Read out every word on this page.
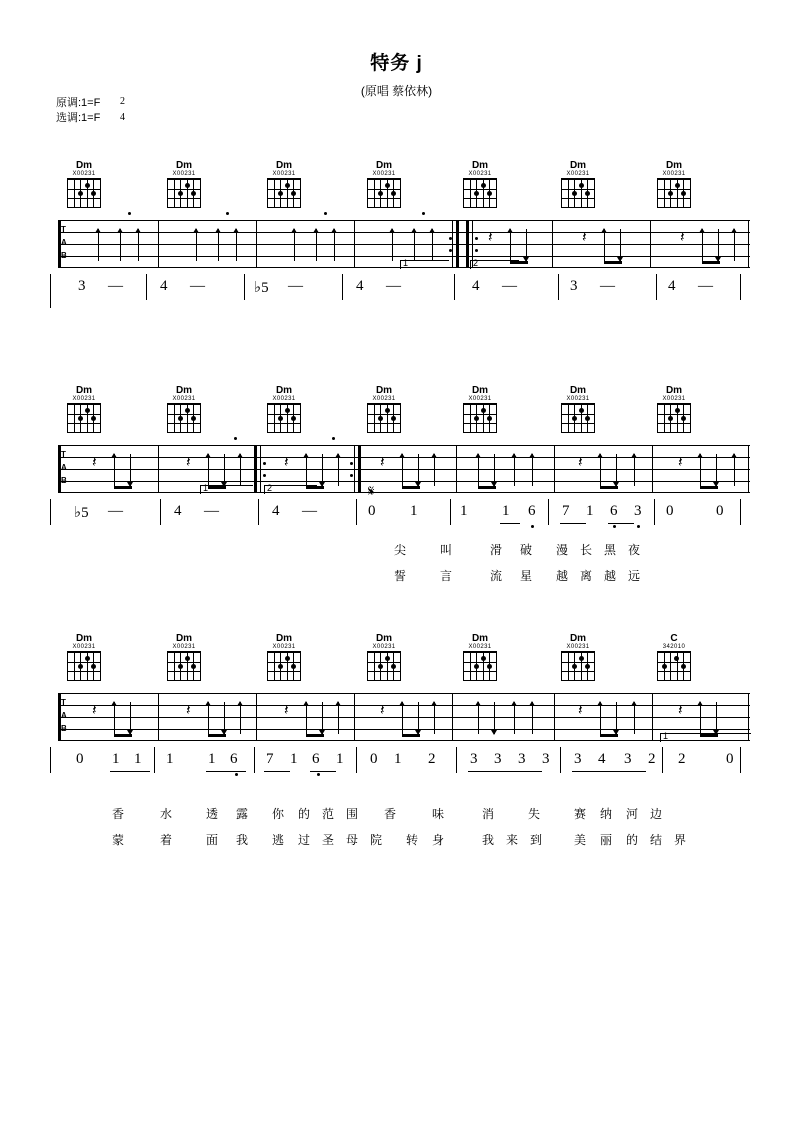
特务 j
(原唱 蔡依林)
原调:1=F
选调:1=F
2
4
Dm
X00231
Dm
X00231
Dm
X00231
Dm
X00231
Dm
X00231
Dm
X00231
Dm
X00231
T
A
B
𝄽	𝄽	𝄽
1	2
3 — 4 —	♭5 —	4 —	4 —	3 —	4 —
Dm
X00231
Dm
X00231
Dm
X00231
Dm
X00231
Dm
X00231
Dm
X00231
Dm
X00231
T
A
B
𝄽	𝄽	𝄽	𝄽	𝄽	𝄽
1	2	𝄋
♭5 —	4 —	4 —	0 1	1 1 6 7 1 6 3 0	0
尖	叫	滑 破 漫 长 黑 夜
誓	言	流 星 越 离 越 远
Dm
X00231
Dm
X00231
Dm
X00231
Dm
X00231
Dm
X00231
Dm
X00231
C
342010
T
A
B
𝄽	𝄽	𝄽	𝄽	𝄽	𝄽
1
0 1 1 1 1 6 7 1 6 1 0 1 2 3 3 3 3 3 4 3 2 2	0
香	水	透 露 你 的 范 围 香	味	消	失	赛 纳 河 边
蒙	着	面 我 逃 过 圣 母 院 转 身	我 来 到	美 丽 的 结 界
